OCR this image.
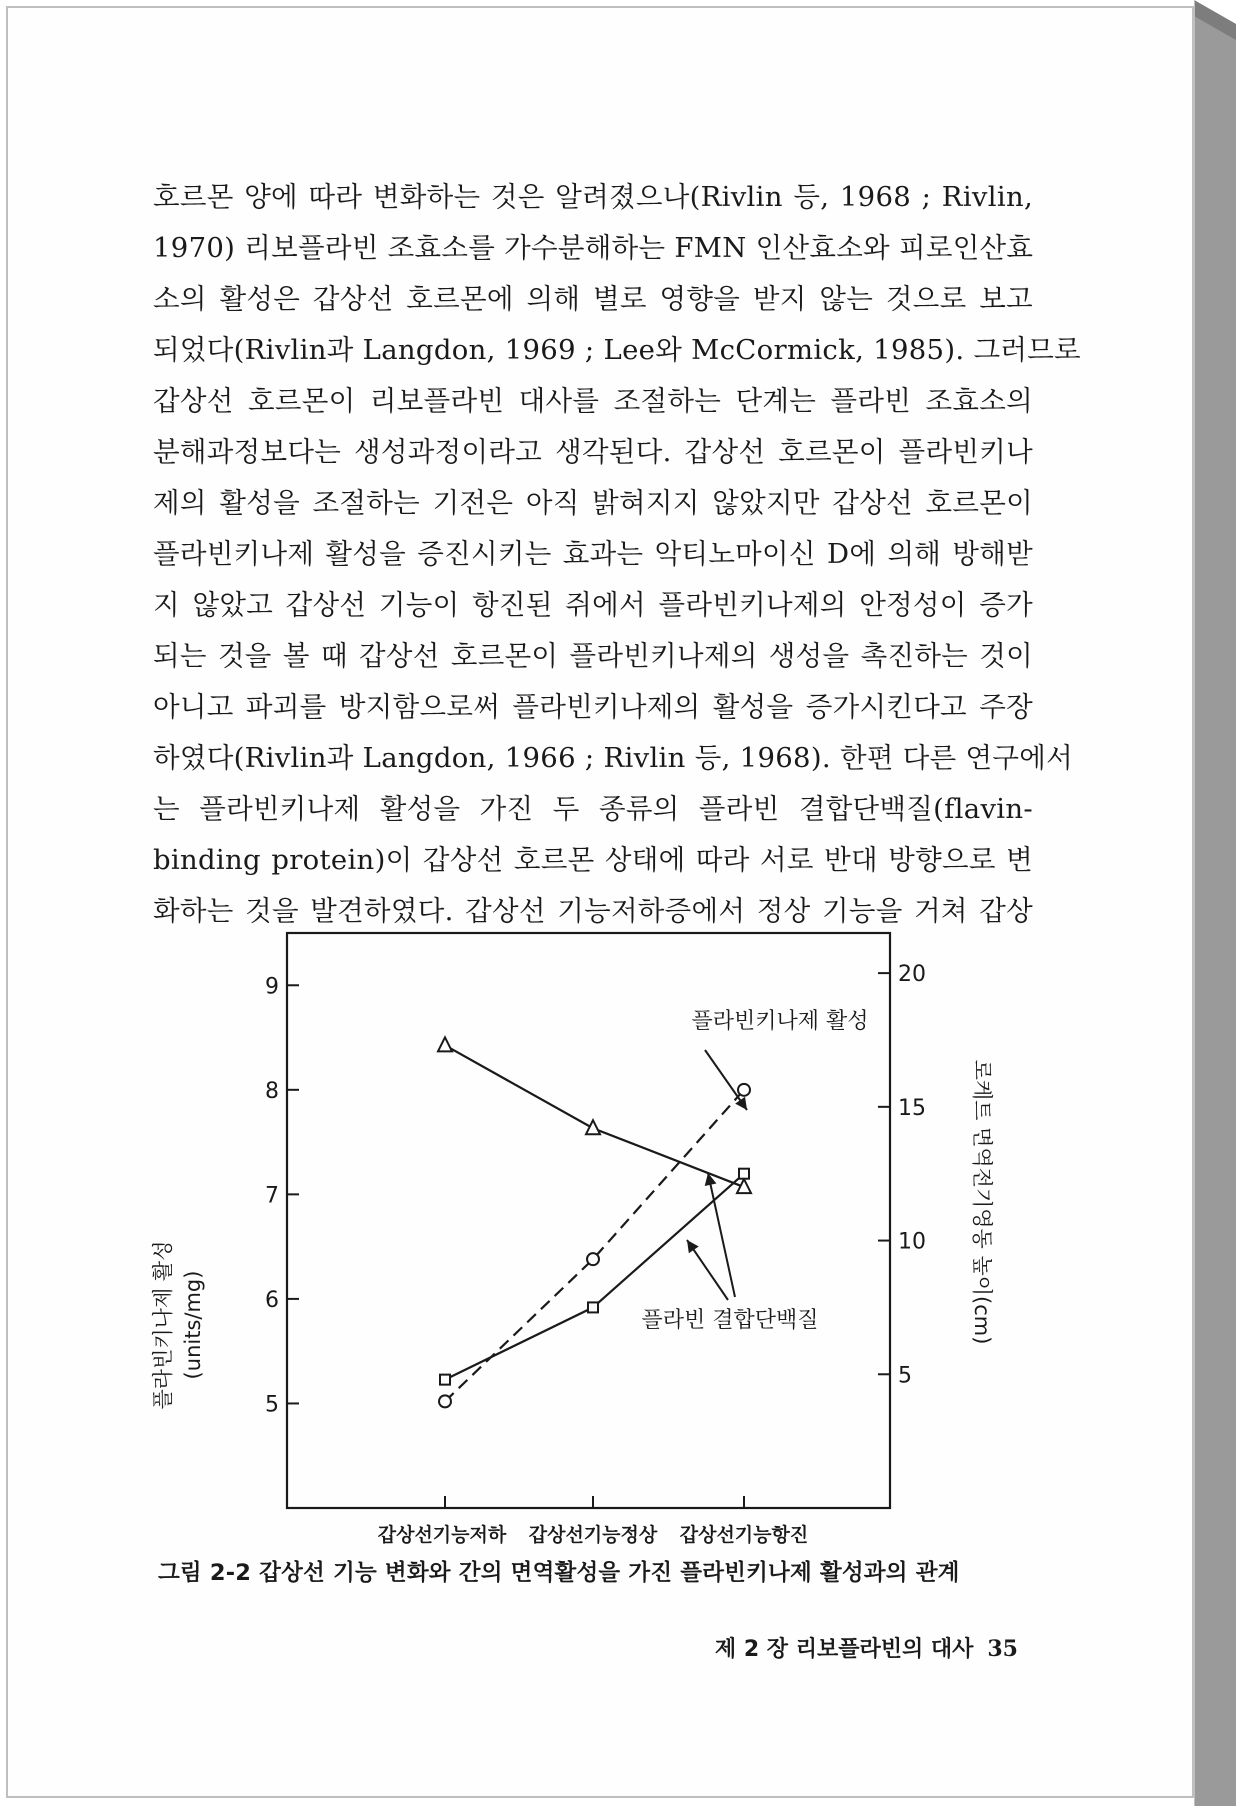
호르몬 양에 따라 변화하는 것은 알려졌으나(Rivlin 등, 1968 ; Rivlin,
1970) 리보플라빈 조효소를 가수분해하는 FMN 인산효소와 피로인산효
소의 활성은 갑상선 호르몬에 의해 별로 영향을 받지 않는 것으로 보고
되었다(Rivlin과 Langdon, 1969 ; Lee와 McCormick, 1985). 그러므로
갑상선 호르몬이 리보플라빈 대사를 조절하는 단계는 플라빈 조효소의
분해과정보다는 생성과정이라고 생각된다. 갑상선 호르몬이 플라빈키나
제의 활성을 조절하는 기전은 아직 밝혀지지 않았지만 갑상선 호르몬이
플라빈키나제 활성을 증진시키는 효과는 악티노마이신 D에 의해 방해받
지 않았고 갑상선 기능이 항진된 쥐에서 플라빈키나제의 안정성이 증가
되는 것을 볼 때 갑상선 호르몬이 플라빈키나제의 생성을 촉진하는 것이
아니고 파괴를 방지함으로써 플라빈키나제의 활성을 증가시킨다고 주장
하였다(Rivlin과 Langdon, 1966 ; Rivlin 등, 1968). 한편 다른 연구에서
는 플라빈키나제 활성을 가진 두 종류의 플라빈 결합단백질(flavin-
binding protein)이 갑상선 호르몬 상태에 따라 서로 반대 방향으로 변
화하는 것을 발견하였다. 갑상선 기능저하증에서 정상 기능을 거쳐 갑상
5
6
7
8
9
5
10
15
20
플라빈키나제 활성
플라빈 결합단백질
플라빈키나제 활성 (units/mg)	로케트 면역전기영동 높이(cm)
갑상선기능저하 갑상선기능정상 갑상선기능항진
그림 2-2 갑상선 기능 변화와 간의 면역활성을 가진 플라빈키나제 활성과의 관계
제 2 장 리보플라빈의 대사 35
